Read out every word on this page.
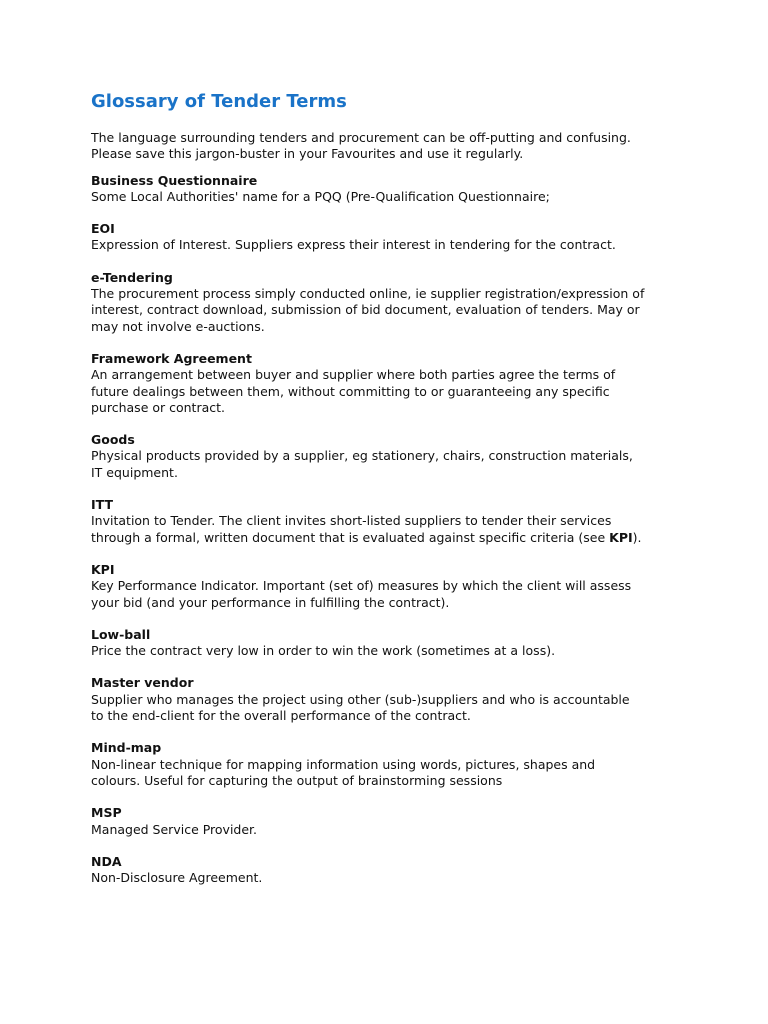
Glossary of Tender Terms

The language surrounding tenders and procurement can be off-putting and confusing.
Please save this jargon-buster in your Favourites and use it regularly.

Business Questionnaire
Some Local Authorities' name for a PQQ (Pre-Qualification Questionnaire;
EOI
Expression of Interest. Suppliers express their interest in tendering for the contract.
e-Tendering
The procurement process simply conducted online, ie supplier registration/expression of
interest, contract download, submission of bid document, evaluation of tenders. May or
may not involve e-auctions.
Framework Agreement
An arrangement between buyer and supplier where both parties agree the terms of
future dealings between them, without committing to or guaranteeing any specific
purchase or contract.
Goods
Physical products provided by a supplier, eg stationery, chairs, construction materials,
IT equipment.
ITT
Invitation to Tender. The client invites short-listed suppliers to tender their services
through a formal, written document that is evaluated against specific criteria (see KPI).
KPI
Key Performance Indicator. Important (set of) measures by which the client will assess
your bid (and your performance in fulfilling the contract).
Low-ball
Price the contract very low in order to win the work (sometimes at a loss).
Master vendor
Supplier who manages the project using other (sub-)suppliers and who is accountable
to the end-client for the overall performance of the contract.
Mind-map
Non-linear technique for mapping information using words, pictures, shapes and
colours. Useful for capturing the output of brainstorming sessions
MSP
Managed Service Provider.
NDA
Non-Disclosure Agreement.
